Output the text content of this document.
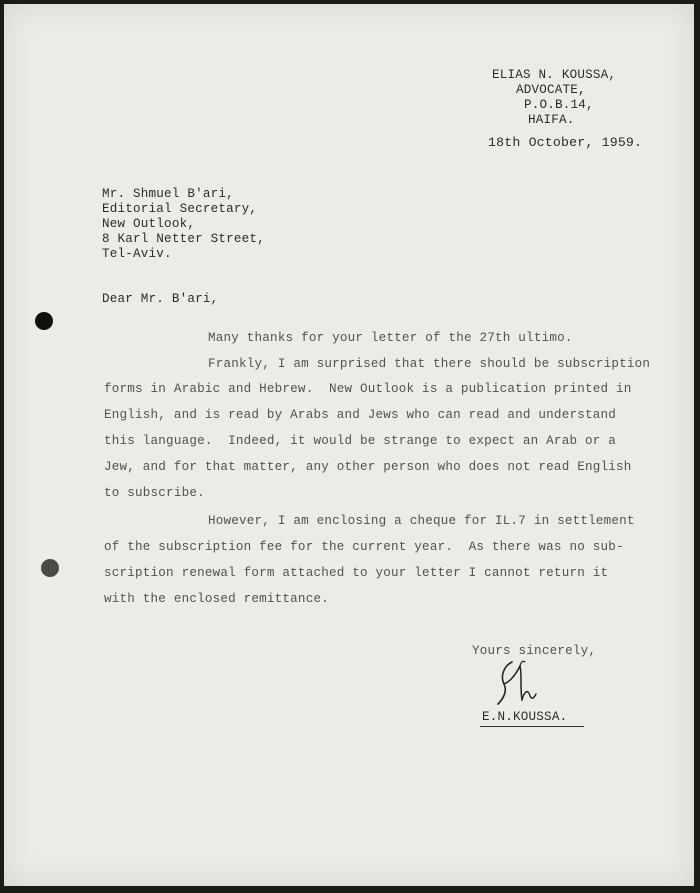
ELIAS N. KOUSSA,
ADVOCATE,
P.O.B.14,
HAIFA.
18th October, 1959.
Mr. Shmuel B'ari,
Editorial Secretary,
New Outlook,
8 Karl Netter Street,
Tel-Aviv.
Dear Mr. B'ari,
Many thanks for your letter of the 27th ultimo.
Frankly, I am surprised that there should be subscription
forms in Arabic and Hebrew.  New Outlook is a publication printed in
English, and is read by Arabs and Jews who can read and understand
this language.  Indeed, it would be strange to expect an Arab or a
Jew, and for that matter, any other person who does not read English
to subscribe.
However, I am enclosing a cheque for IL.7 in settlement
of the subscription fee for the current year.  As there was no sub-
scription renewal form attached to your letter I cannot return it
with the enclosed remittance.
Yours sincerely,
E.N.KOUSSA.
